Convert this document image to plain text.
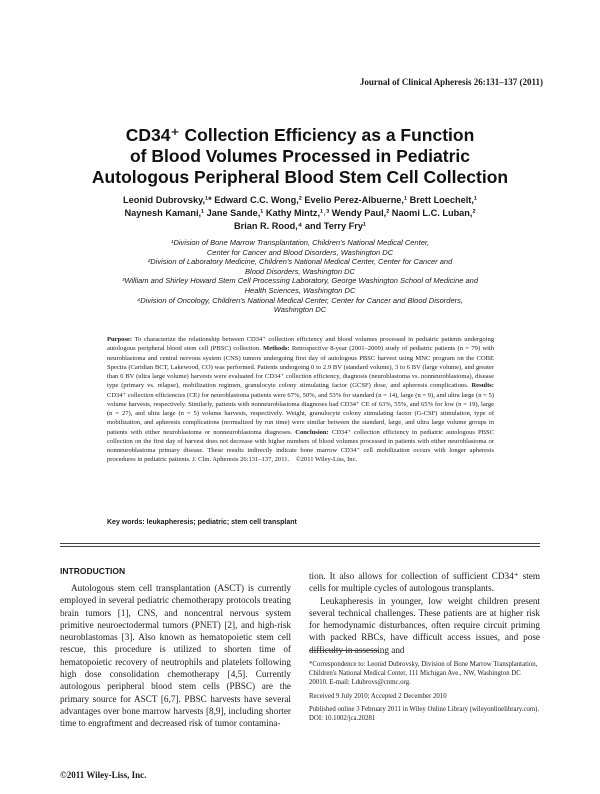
Journal of Clinical Apheresis 26:131–137 (2011)
CD34⁺ Collection Efficiency as a Function
of Blood Volumes Processed in Pediatric
Autologous Peripheral Blood Stem Cell Collection
Leonid Dubrovsky,¹* Edward C.C. Wong,² Evelio Perez-Albuerne,¹ Brett Loechelt,¹
Naynesh Kamani,¹ Jane Sande,¹ Kathy Mintz,¹˒³ Wendy Paul,² Naomi L.C. Luban,²
Brian R. Rood,⁴ and Terry Fry¹
¹Division of Bone Marrow Transplantation, Children's National Medical Center,
Center for Cancer and Blood Disorders, Washington DC
²Division of Laboratory Medicine, Children's National Medical Center, Center for Cancer and
Blood Disorders, Washington DC
³William and Shirley Howard Stem Cell Processing Laboratory, George Washington School of Medicine and
Health Sciences, Washington DC
⁴Division of Oncology, Children's National Medical Center, Center for Cancer and Blood Disorders,
Washington DC

Purpose: To characterize the relationship between CD34⁺ collection efficiency and blood volumes processed in pediatric patients undergoing autologous peripheral blood stem cell (PBSC) collection. Methods: Retrospective 8-year (2001–2009) study of pediatric patients (n = 79) with neuroblastoma and central nervous system (CNS) tumors undergoing first day of autologous PBSC harvest using MNC program on the COBE Spectra (Caridian BCT, Lakewood, CO) was performed. Patients undergoing 0 to 2.9 BV (standard volume), 3 to 6 BV (large volume), and greater than 6 BV (ultra large volume) harvests were evaluated for CD34⁺ collection efficiency, diagnosis (neuroblastoma vs. nonneuroblastoma), disease type (primary vs. relapse), mobilization regimen, granulocyte colony stimulating factor (GCSF) dose, and apheresis complications. Results: CD34⁺ collection efficiencies (CE) for neuroblastoma patients were 67%, 50%, and 53% for standard (n = 14), large (n = 9), and ultra large (n = 5) volume harvests, respectively. Similarly, patients with nonneuroblastoma diagnoses had CD34⁺ CE of 63%, 55%, and 65% for low (n = 19), large (n = 27), and ultra large (n = 5) volume harvests, respectively. Weight, granulocyte colony stimulating factor (G-CSF) stimulation, type of mobilization, and apheresis complications (normalized by run time) were similar between the standard, large, and ultra large volume groups in patients with either neuroblastoma or nonneuroblastoma diagnoses. Conclusion: CD34⁺ collection efficiency in pediatric autologous PBSC collection on the first day of harvest does not decrease with higher numbers of blood volumes processed in patients with either neuroblastoma or nonneuroblastoma primary disease. These results indirectly indicate bone marrow CD34⁺ cell mobilization occurs with longer apheresis procedures in pediatric patients. J. Clin. Apheresis 26:131–137, 2011. ©2011 Wiley-Liss, Inc.

Key words: leukapheresis; pediatric; stem cell transplant
INTRODUCTION

Autologous stem cell transplantation (ASCT) is currently employed in several pediatric chemotherapy protocols treating brain tumors [1], CNS, and noncentral nervous system primitive neuroectodermal tumors (PNET) [2], and high-risk neuroblastomas [3]. Also known as hematopoietic stem cell rescue, this procedure is utilized to shorten time of hematopoietic recovery of neutrophils and platelets following high dose consolidation chemotherapy [4,5]. Currently autologous peripheral blood stem cells (PBSC) are the primary source for ASCT [6,7]. PBSC harvests have several advantages over bone marrow harvests [8,9], including shorter time to engraftment and decreased risk of tumor contamina-

tion. It also allows for collection of sufficient CD34⁺ stem cells for multiple cycles of autologous transplants.

Leukapheresis in younger, low weight children present several technical challenges. These patients are at higher risk for hemodynamic disturbances, often require circuit priming with packed RBCs, have difficult access issues, and pose difficulty in assessing and

*Correspondence to: Leonid Dubrovsky, Division of Bone Marrow Transplantation, Children's National Medical Center, 111 Michigan Ave., NW, Washington DC 20010. E-mail: Ldubrovs@cnmc.org.

Received 9 July 2010; Accepted 2 December 2010

Published online 3 February 2011 in Wiley Online Library (wileyonlinelibrary.com).

DOI: 10.1002/jca.20281

©2011 Wiley-Liss, Inc.
